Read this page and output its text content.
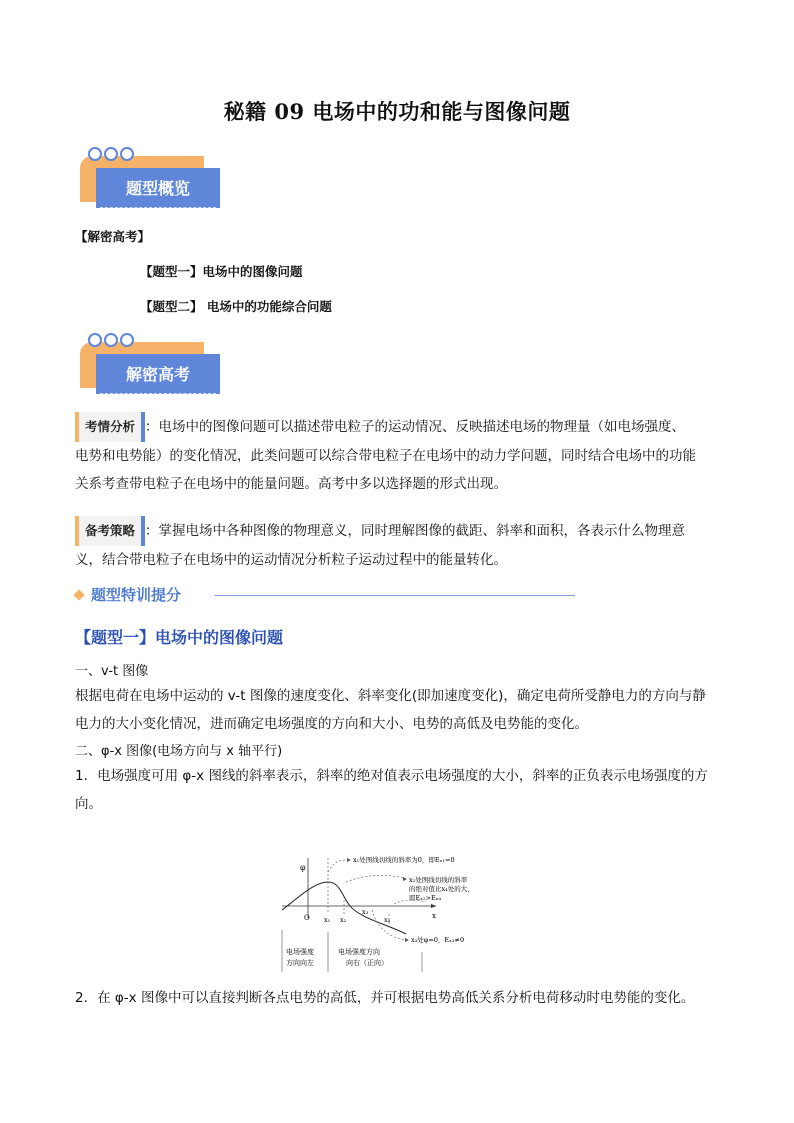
秘籍 09 电场中的功和能与图像问题
题型概览
【解密高考】
【题型一】电场中的图像问题
【题型二】 电场中的功能综合问题
解密高考
考情分析 ：电场中的图像问题可以描述带电粒子的运动情况、反映描述电场的物理量（如电场强度、
电势和电势能）的变化情况，此类问题可以综合带电粒子在电场中的动力学问题，同时结合电场中的功能
关系考查带电粒子在电场中的能量问题。高考中多以选择题的形式出现。
备考策略 ：掌握电场中各种图像的物理意义，同时理解图像的截距、斜率和面积，各表示什么物理意
义，结合带电粒子在电场中的运动情况分析粒子运动过程中的能量转化。
题型特训提分
【题型一】电场中的图像问题
一、v-t 图像
根据电荷在电场中运动的 v-t 图像的速度变化、斜率变化(即加速度变化)，确定电荷所受静电力的方向与静
电力的大小变化情况，进而确定电场强度的方向和大小、电势的高低及电势能的变化。
二、φ-x 图像(电场方向与 x 轴平行)
1．电场强度可用 φ-x 图线的斜率表示，斜率的绝对值表示电场强度的大小，斜率的正负表示电场强度的方
向。
φ
x
O x₁ x₂
x₃
x₄
x₁处图线切线的斜率为0，即Eₓ₁=0
x₂处图线切线的斜率
的绝对值比x₄处的大，
即Eₓ₂>Eₓ₄
x₃处φ=0，Eₓ₃≠0
电场强度
方向向左
电场强度方向
向右（正向）
2．在 φ-x 图像中可以直接判断各点电势的高低，并可根据电势高低关系分析电荷移动时电势能的变化。
